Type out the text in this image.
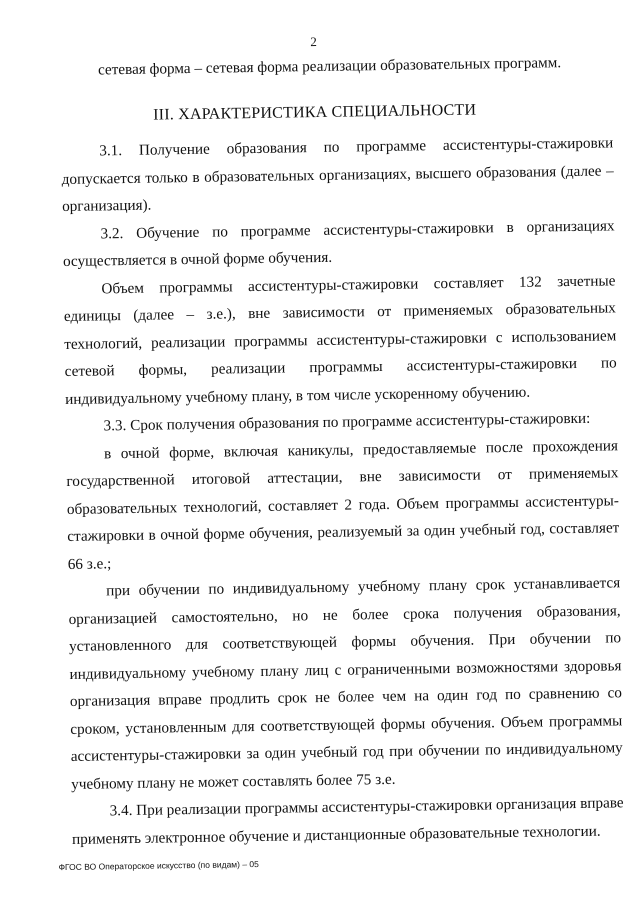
2

сетевая форма – сетевая форма реализации образовательных программ.

III. ХАРАКТЕРИСТИКА СПЕЦИАЛЬНОСТИ

3.1. Получение образования по программе ассистентуры-стажировки допускается только в образовательных организациях, высшего образования (далее – организация).

3.2. Обучение по программе ассистентуры-стажировки в организациях осуществляется в очной форме обучения.

Объем программы ассистентуры-стажировки составляет 132 зачетные единицы (далее – з.е.), вне зависимости от применяемых образовательных технологий, реализации программы ассистентуры-стажировки с использованием сетевой формы, реализации программы ассистентуры-стажировки по индивидуальному учебному плану, в том числе ускоренному обучению.

3.3. Срок получения образования по программе ассистентуры-стажировки:

в очной форме, включая каникулы, предоставляемые после прохождения государственной итоговой аттестации, вне зависимости от применяемых образовательных технологий, составляет 2 года. Объем программы ассистентуры-стажировки в очной форме обучения, реализуемый за один учебный год, составляет 66 з.е.;

при обучении по индивидуальному учебному плану срок устанавливается организацией самостоятельно, но не более срока получения образования, установленного для соответствующей формы обучения. При обучении по индивидуальному учебному плану лиц с ограниченными возможностями здоровья организация вправе продлить срок не более чем на один год по сравнению со сроком, установленным для соответствующей формы обучения. Объем программы ассистентуры-стажировки за один учебный год при обучении по индивидуальному учебному плану не может составлять более 75 з.е.

3.4. При реализации программы ассистентуры-стажировки организация вправе применять электронное обучение и дистанционные образовательные технологии.

ФГОС ВО Операторское искусство (по видам) – 05
